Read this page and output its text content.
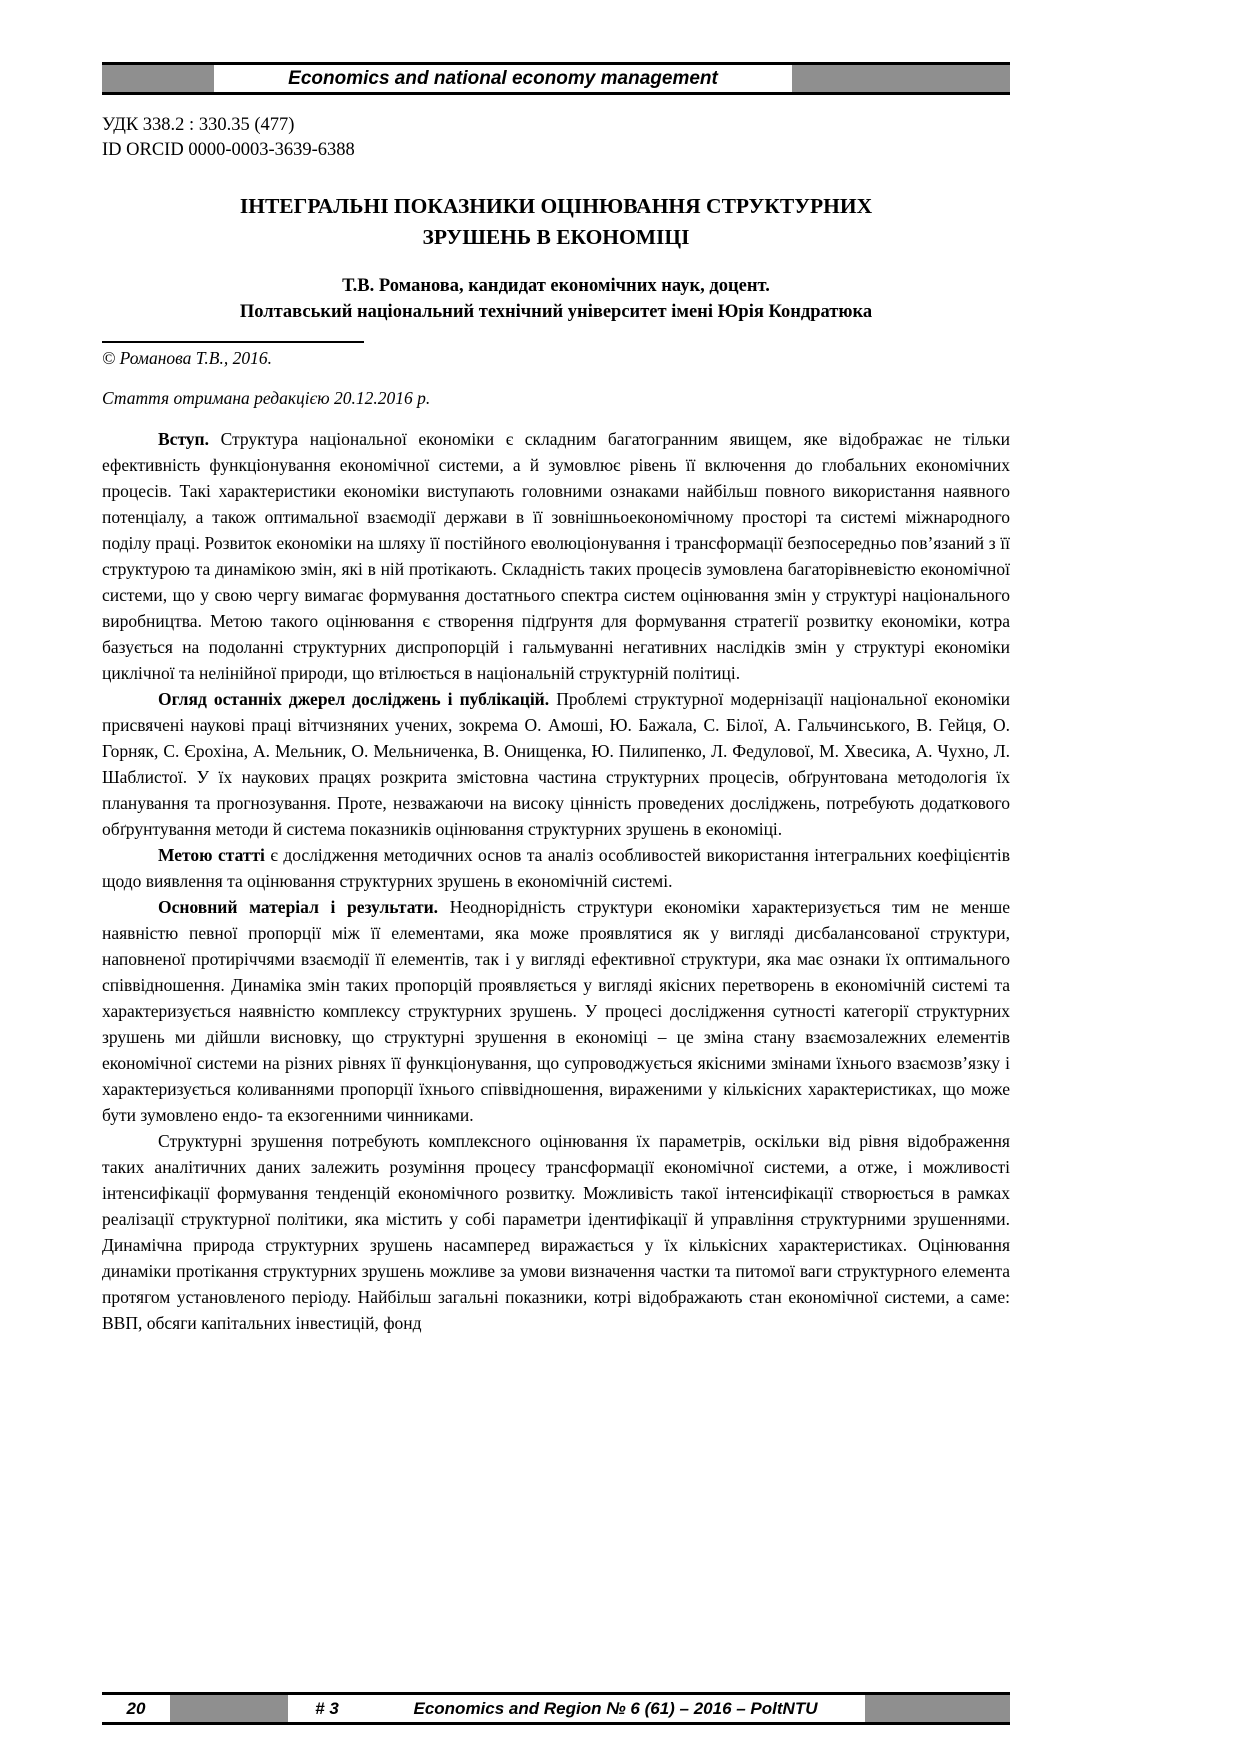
Economics and national economy management
УДК 338.2 : 330.35 (477)
ID ORCID 0000-0003-3639-6388
ІНТЕГРАЛЬНІ ПОКАЗНИКИ ОЦІНЮВАННЯ СТРУКТУРНИХ
ЗРУШЕНЬ В ЕКОНОМІЦІ
Т.В. Романова, кандидат економічних наук, доцент.
Полтавський національний технічний університет імені Юрія Кондратюка
© Романова Т.В., 2016.
Стаття отримана редакцією 20.12.2016 р.

Вступ. Структура національної економіки є складним багатогранним явищем, яке відображає не тільки ефективність функціонування економічної системи, а й зумовлює рівень її включення до глобальних економічних процесів. Такі характеристики економіки виступають головними ознаками найбільш повного використання наявного потенціалу, а також оптимальної взаємодії держави в її зовнішньоекономічному просторі та системі міжнародного поділу праці. Розвиток економіки на шляху її постійного еволюціонування і трансформації безпосередньо пов’язаний з її структурою та динамікою змін, які в ній протікають. Складність таких процесів зумовлена багаторівневістю економічної системи, що у свою чергу вимагає формування достатнього спектра систем оцінювання змін у структурі національного виробництва. Метою такого оцінювання є створення підґрунтя для формування стратегії розвитку економіки, котра базується на подоланні структурних диспропорцій і гальмуванні негативних наслідків змін у структурі економіки циклічної та нелінійної природи, що втілюється в національній структурній політиці.

Огляд останніх джерел досліджень і публікацій. Проблемі структурної модернізації національної економіки присвячені наукові праці вітчизняних учених, зокрема О. Амоші, Ю. Бажала, С. Білої, А. Гальчинського, В. Гейця, О. Горняк, С. Єрохіна, А. Мельник, О. Мельниченка, В. Онищенка, Ю. Пилипенко, Л. Федулової, М. Хвесика, А. Чухно, Л. Шаблистої. У їх наукових працях розкрита змістовна частина структурних процесів, обґрунтована методологія їх планування та прогнозування. Проте, незважаючи на високу цінність проведених досліджень, потребують додаткового обґрунтування методи й система показників оцінювання структурних зрушень в економіці.

Метою статті є дослідження методичних основ та аналіз особливостей використання інтегральних коефіцієнтів щодо виявлення та оцінювання структурних зрушень в економічній системі.

Основний матеріал і результати. Неоднорідність структури економіки характеризується тим не менше наявністю певної пропорції між її елементами, яка може проявлятися як у вигляді дисбалансованої структури, наповненої протиріччями взаємодії її елементів, так і у вигляді ефективної структури, яка має ознаки їх оптимального співвідношення. Динаміка змін таких пропорцій проявляється у вигляді якісних перетворень в економічній системі та характеризується наявністю комплексу структурних зрушень. У процесі дослідження сутності категорії структурних зрушень ми дійшли висновку, що структурні зрушення в економіці – це зміна стану взаємозалежних елементів економічної системи на різних рівнях її функціонування, що супроводжується якісними змінами їхнього взаємозв’язку і характеризується коливаннями пропорції їхнього співвідношення, вираженими у кількісних характеристиках, що може бути зумовлено ендо- та екзогенними чинниками.

Структурні зрушення потребують комплексного оцінювання їх параметрів, оскільки від рівня відображення таких аналітичних даних залежить розуміння процесу трансформації економічної системи, а отже, і можливості інтенсифікації формування тенденцій економічного розвитку. Можливість такої інтенсифікації створюється в рамках реалізації структурної політики, яка містить у собі параметри ідентифікації й управління структурними зрушеннями. Динамічна природа структурних зрушень насамперед виражається у їх кількісних характеристиках. Оцінювання динаміки протікання структурних зрушень можливе за умови визначення частки та питомої ваги структурного елемента протягом установленого періоду. Найбільш загальні показники, котрі відображають стан економічної системи, а саме: ВВП, обсяги капітальних інвестицій, фонд

20	# 3	Economics and Region № 6 (61) – 2016 – PoltNTU
